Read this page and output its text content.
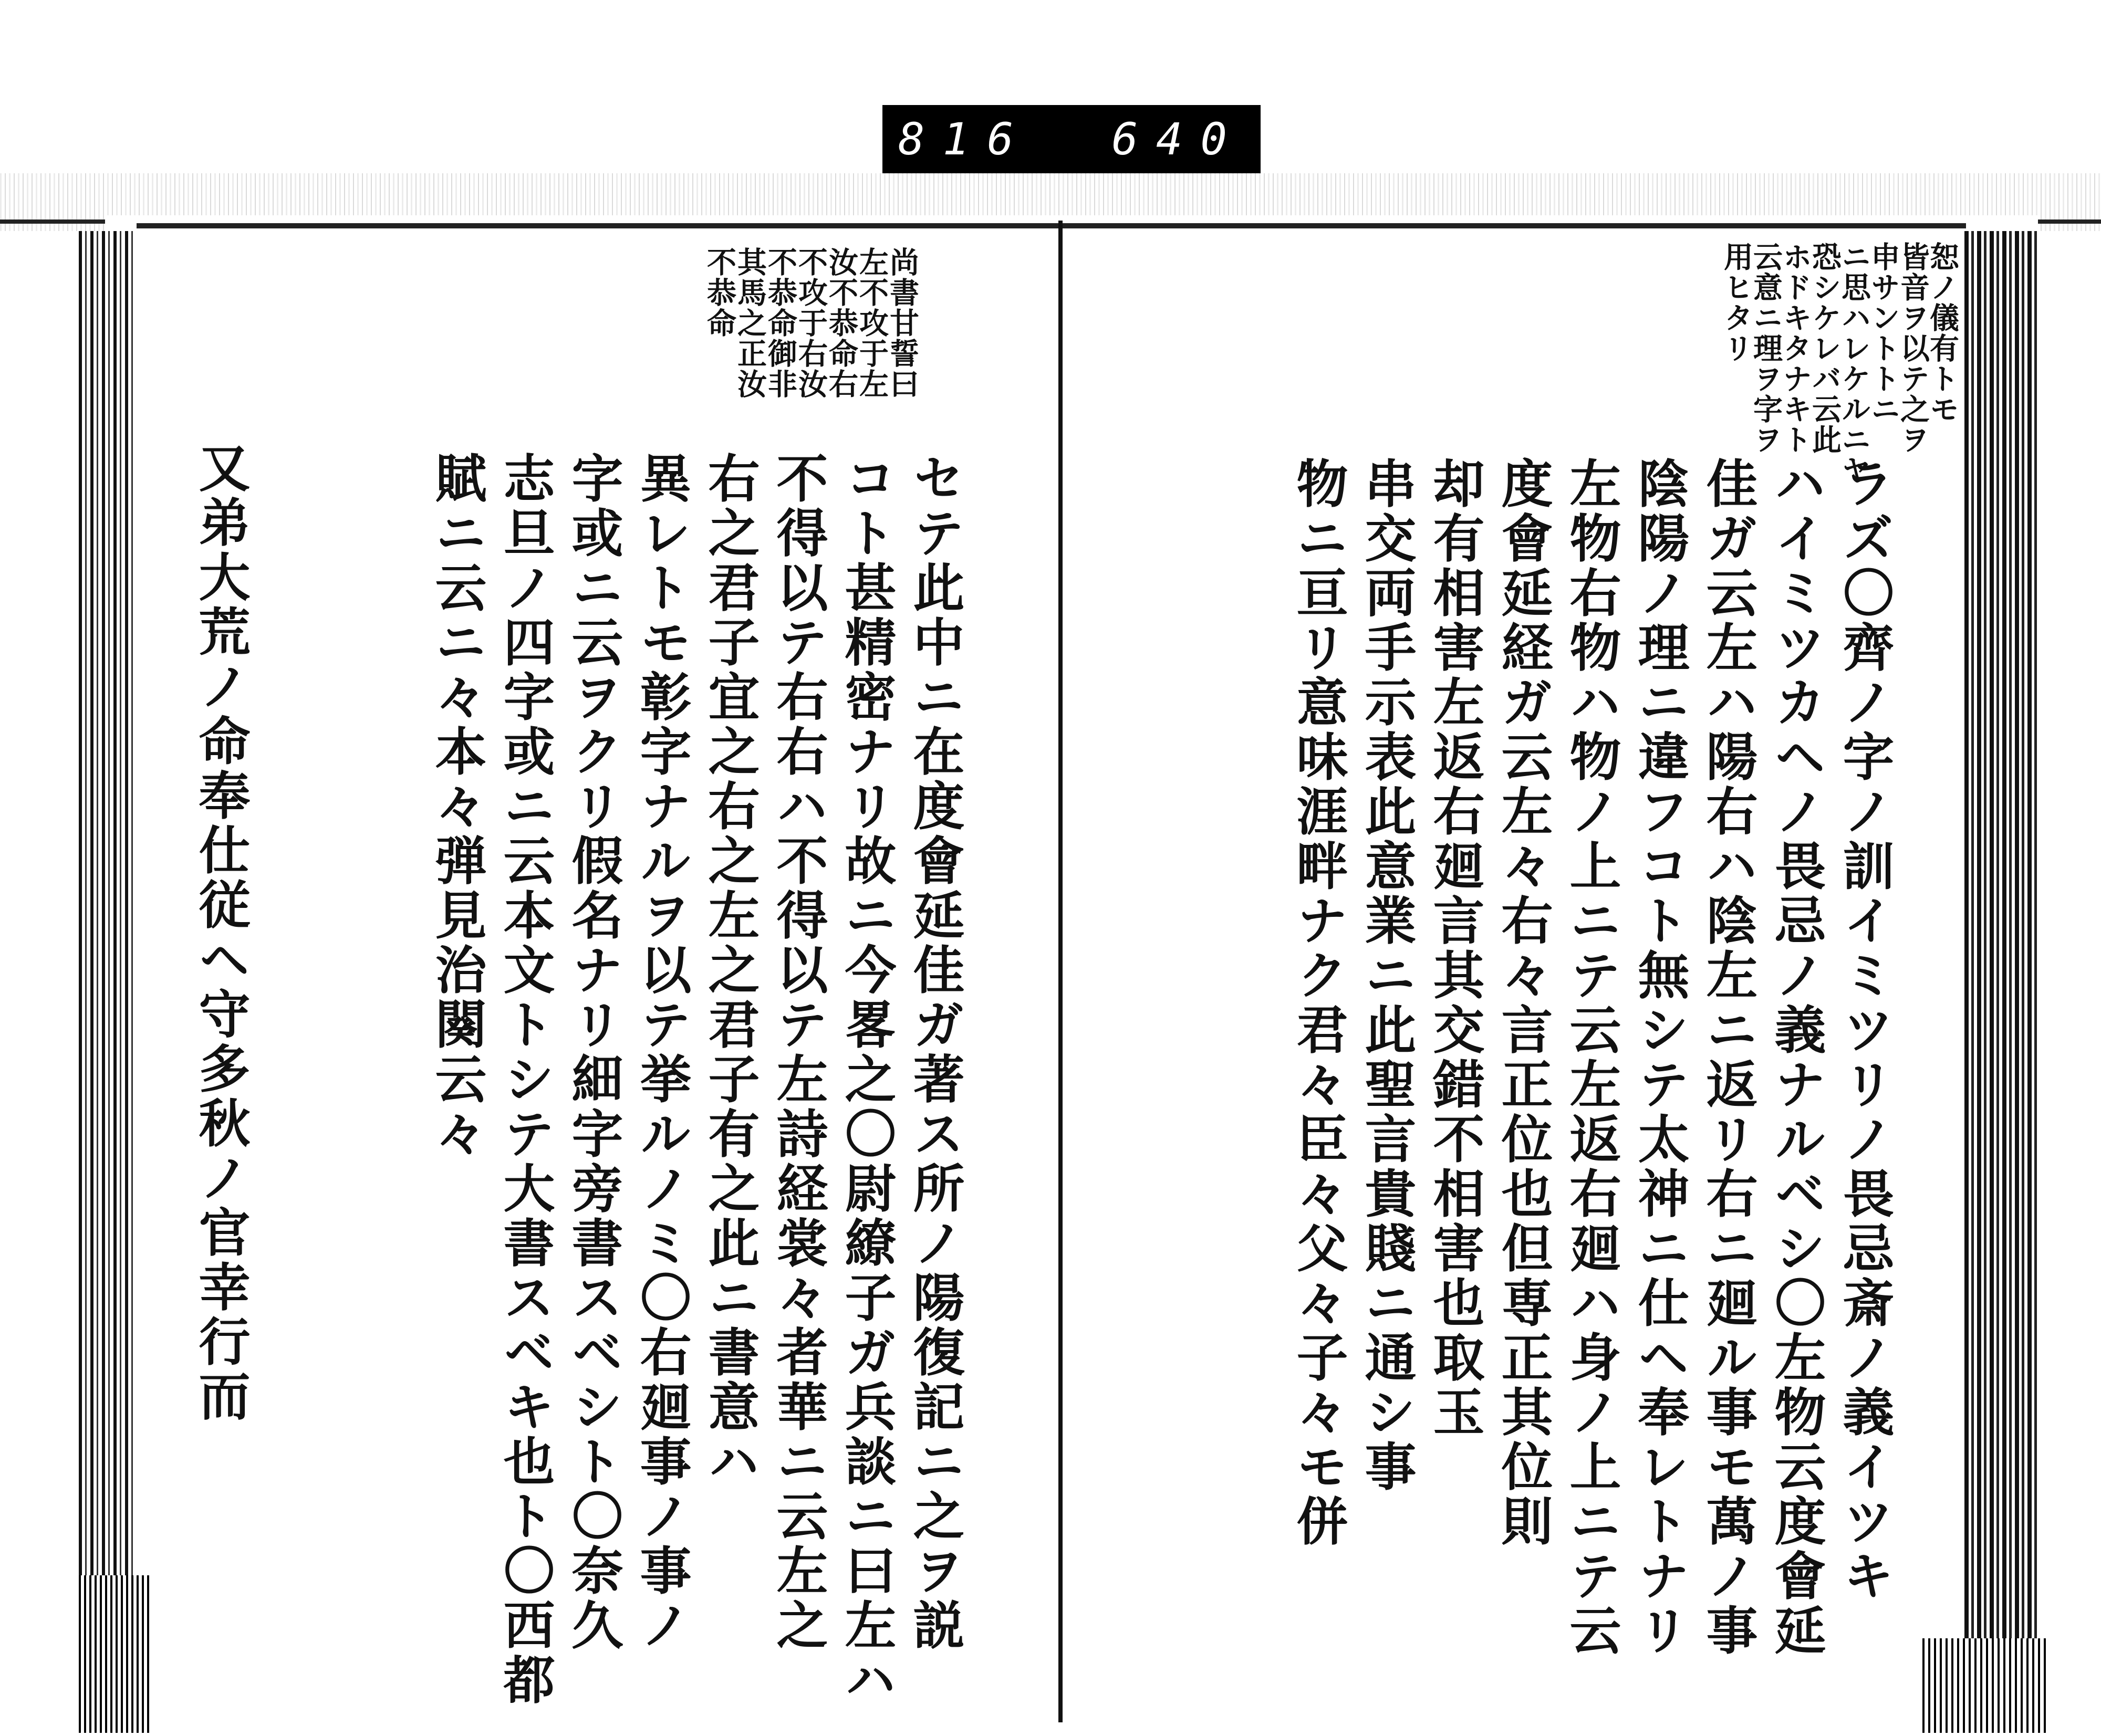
816 640
尚書甘誓曰
左不攻于左
汝不恭命右
不攻于右汝
不恭命御非
其馬之正汝
不恭命
セテ此中ニ在度會延佳ガ著ス所ノ陽復記ニ之ヲ説
コト甚精密ナリ故ニ今畧之〇尉繚子ガ兵談ニ曰左ハ
不得以テ右右ハ不得以テ左詩経裳々者華ニ云左之
右之君子宜之右之左之君子有之此ニ書意ハ
異レトモ彰字ナルヲ以テ挙ルノミ〇右廻事ノ事ノ
字或ニ云ヲクリ假名ナリ細字旁書スベシト〇奈久
志旦ノ四字或ニ云本文トシテ大書スベキ也ト〇西都
賦ニ云ニ々本々弾見治闋云々
又弟大荒ノ命奉仕従ヘ守多秋ノ官幸行而
恕ノ儀有トモ
皆音ヲ以テ之ヲ
申サントトニ
ニ思ハレケルニヤ
恐シケレバ云此
ホドキタナキト
云意ニ理ヲ字ヲ
用ヒタリ
ラズ〇齊ノ字ノ訓イミツリノ畏忌斎ノ義イツキ
ハイミツカヘノ畏忌ノ義ナルベシ〇左物云度會延
佳ガ云左ハ陽右ハ陰左ニ返リ右ニ廻ル事モ萬ノ事
陰陽ノ理ニ違フコト無シテ太神ニ仕ヘ奉レトナリ
左物右物ハ物ノ上ニテ云左返右廻ハ身ノ上ニテ云
度會延経ガ云左々右々言正位也但専正其位則
却有相害左返右廻言其交錯不相害也取玉
串交両手示表此意業ニ此聖言貴賤ニ通シ事
物ニ亘リ意味涯畔ナク君々臣々父々子々モ併
